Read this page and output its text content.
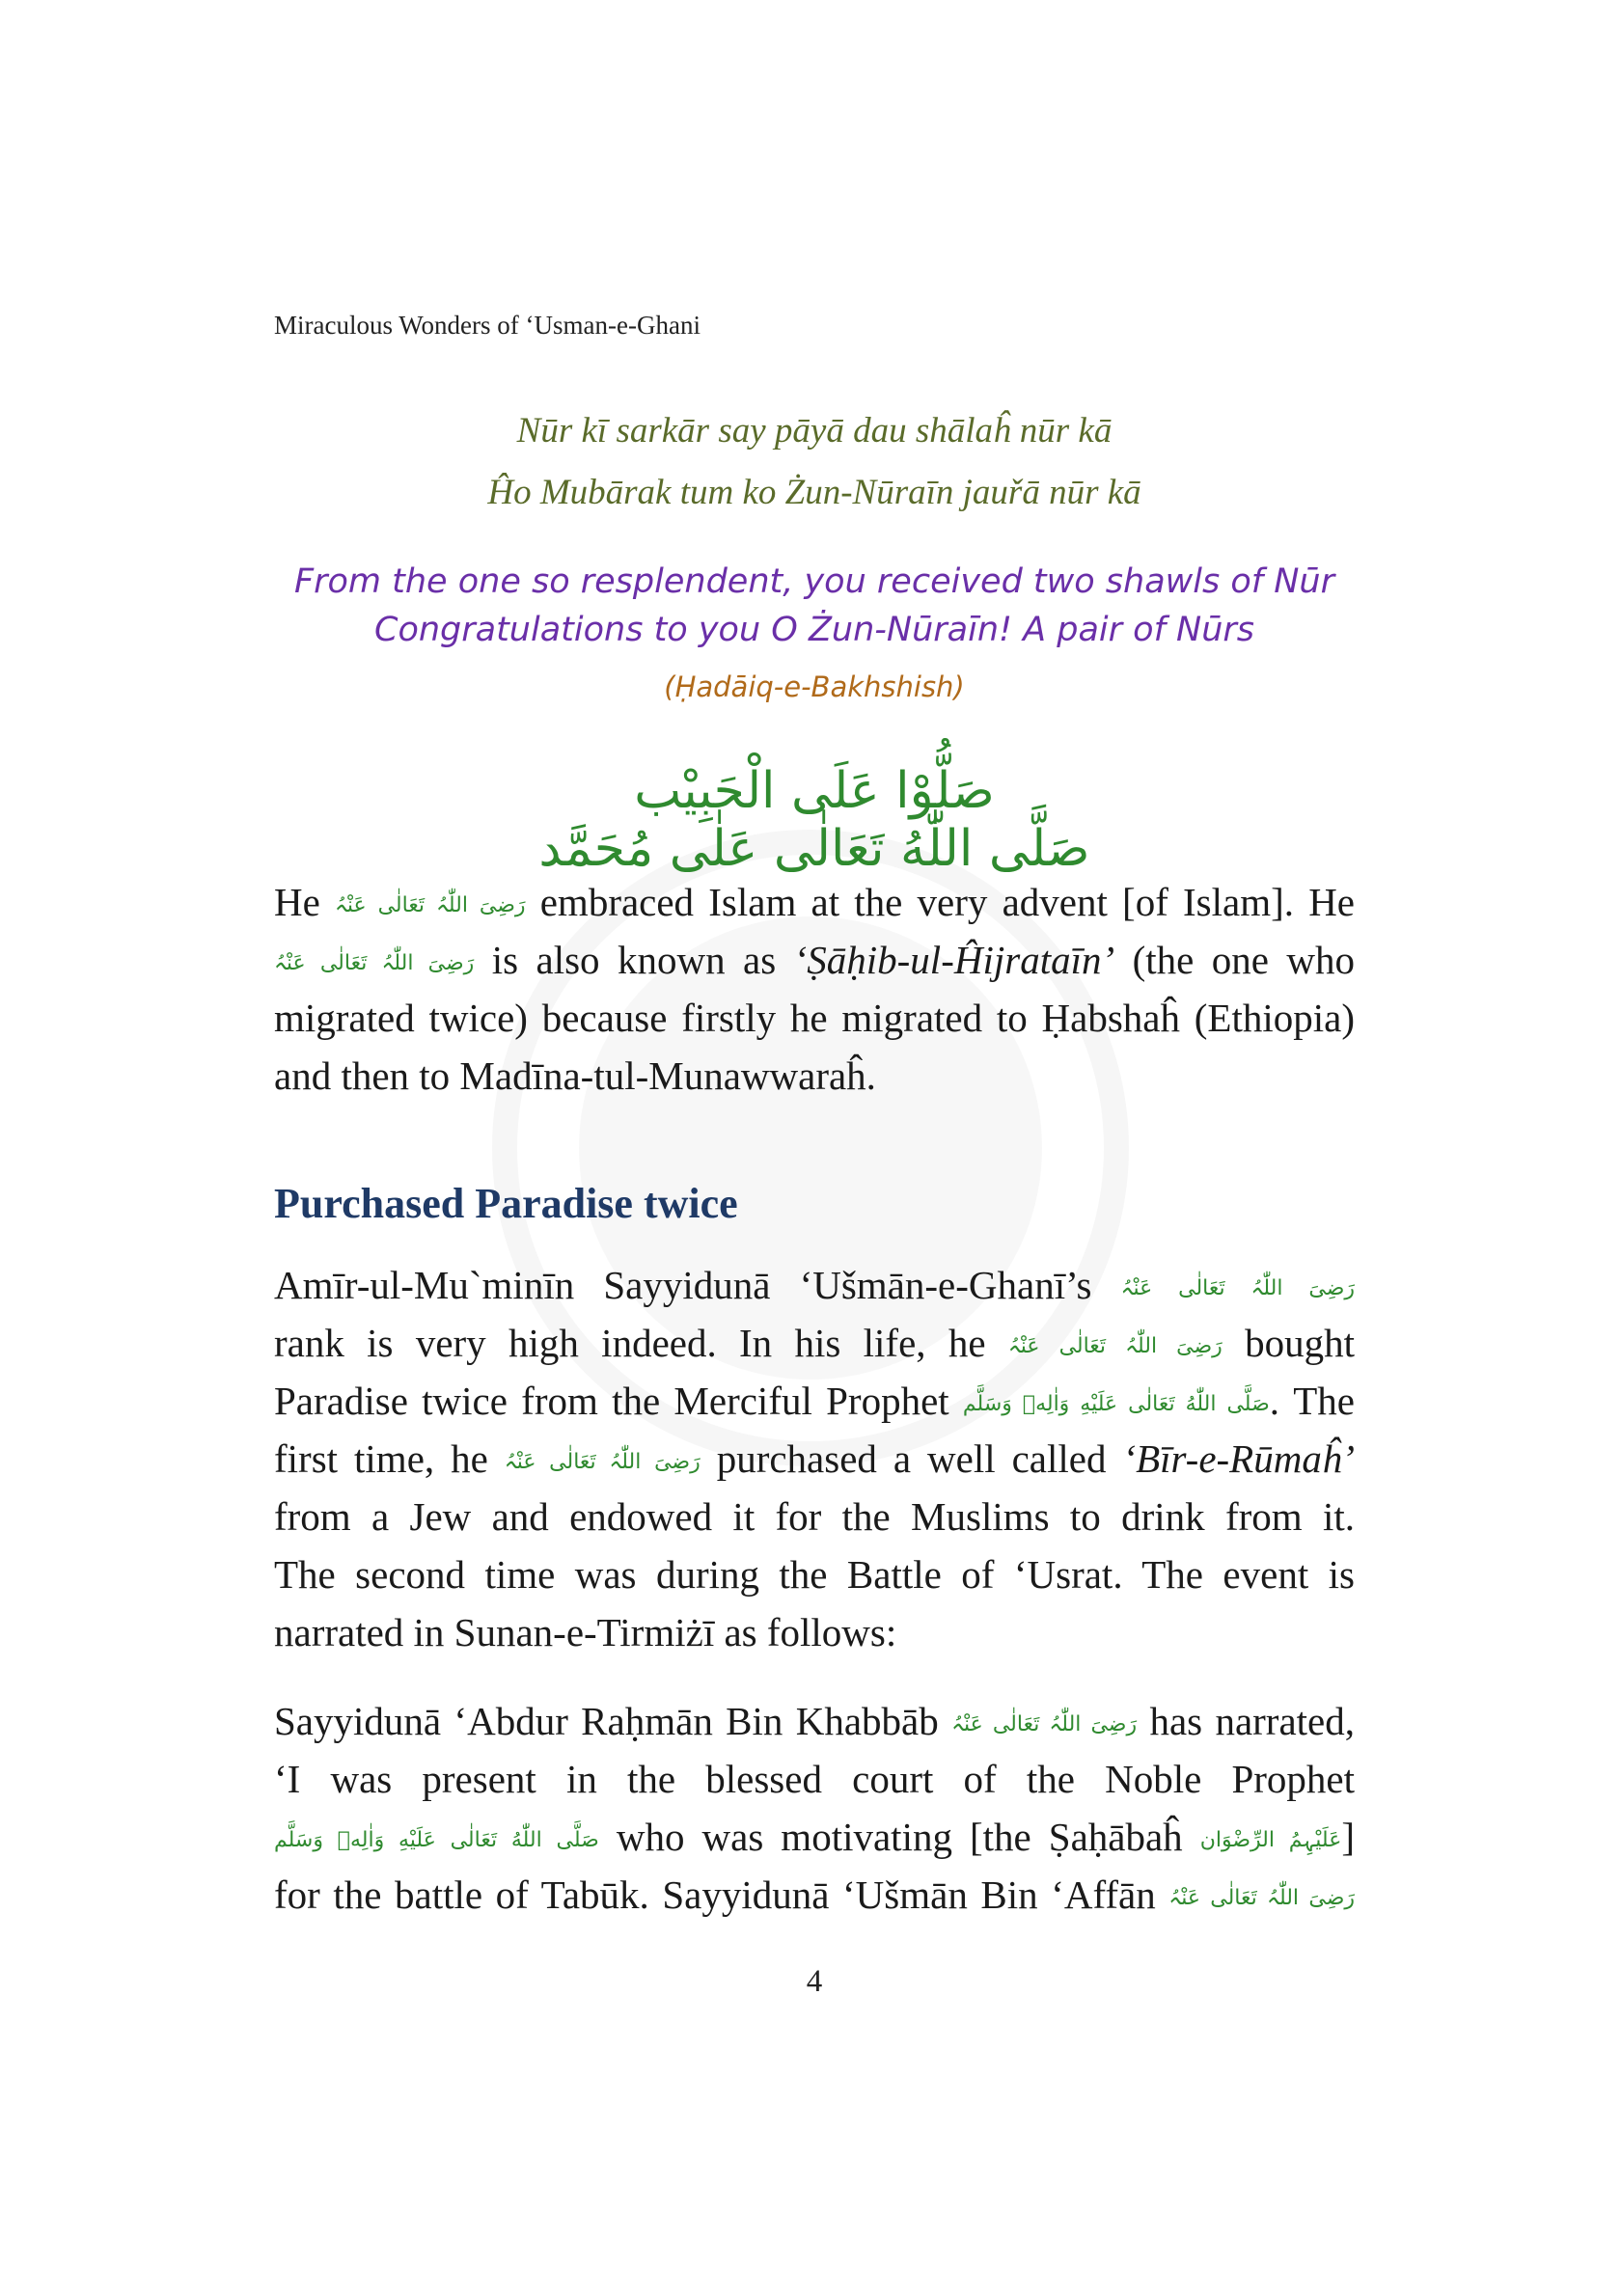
Miraculous Wonders of ‘Usman-e-Ghani
Nūr kī sarkār say pāyā dau shālaĥ nūr kā
Ĥo Mubārak tum ko Żun-Nūraīn jauřā nūr kā
From the one so resplendent, you received two shawls of Nūr
Congratulations to you O Żun-Nūraīn! A pair of Nūrs
(Ḥadāiq-e-Bakhshish)
صَلُّوْا عَلَى الْحَبِيْب صَلَّى اللّٰهُ تَعَالٰى عَلٰى مُحَمَّد
He رَضِیَ اللّٰہُ تَعَالٰی عَنْہُ embraced Islam at the very advent [of Islam]. He
رَضِیَ اللّٰہُ تَعَالٰی عَنْہُ is also known as ‘Ṣāḥib-ul-Ĥijrataīn’ (the one who
migrated twice) because firstly he migrated to Ḥabshaĥ (Ethiopia)
and then to Madīna-tul-Munawwaraĥ.
Purchased Paradise twice
Amīr-ul-Mu`minīn Sayyidunā ‘Ušmān-e-Ghanī’s رَضِیَ اللّٰہُ تَعَالٰی عَنْہُ
rank is very high indeed. In his life, he رَضِیَ اللّٰہُ تَعَالٰی عَنْہُ bought
Paradise twice from the Merciful Prophet صَلَّى اللّٰهُ تَعَالٰى عَلَيْهِ وَاٰلِهٖ وَسَلَّم. The
first time, he رَضِیَ اللّٰہُ تَعَالٰی عَنْہُ purchased a well called ‘Bīr-e-Rūmaĥ’
from a Jew and endowed it for the Muslims to drink from it.
The second time was during the Battle of ‘Usrat. The event is
narrated in Sunan-e-Tirmiżī as follows:
Sayyidunā ‘Abdur Raḥmān Bin Khabbāb رَضِیَ اللّٰہُ تَعَالٰی عَنْہُ has narrated,
‘I was present in the blessed court of the Noble Prophet
صَلَّى اللّٰهُ تَعَالٰى عَلَيْهِ وَاٰلِهٖ وَسَلَّم who was motivating [the Ṣaḥābaĥ عَلَیْہِمُ الرِّضْوَان]
for the battle of Tabūk. Sayyidunā ‘Ušmān Bin ‘Affān رَضِیَ اللّٰہُ تَعَالٰی عَنْہُ
4
